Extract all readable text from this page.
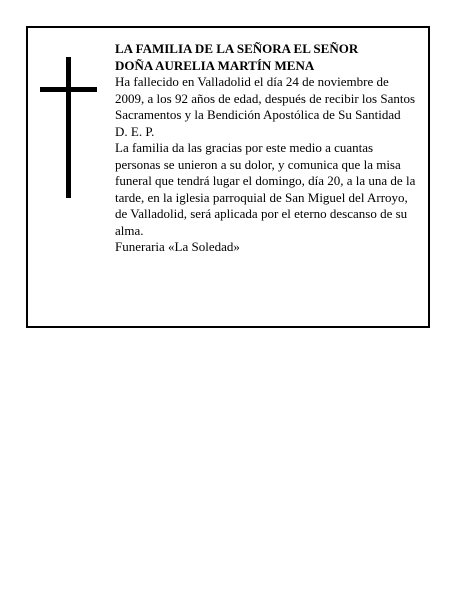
LA FAMILIA DE LA SEÑORA EL SEÑOR

DOÑA AURELIA MARTÍN MENA

Ha fallecido en Valladolid el día 24 de noviembre de 2009, a los 92 años de edad, después de recibir los Santos Sacramentos y la Bendición Apostólica de Su Santidad

D. E. P.

La familia da las gracias por este medio a cuantas personas se unieron a su dolor, y comunica que la misa funeral que tendrá lugar el domingo, día 20, a la una de la tarde, en la iglesia parroquial de San Miguel del Arroyo, de Valladolid, será aplicada por el eterno descanso de su alma.

Funeraria «La Soledad»
